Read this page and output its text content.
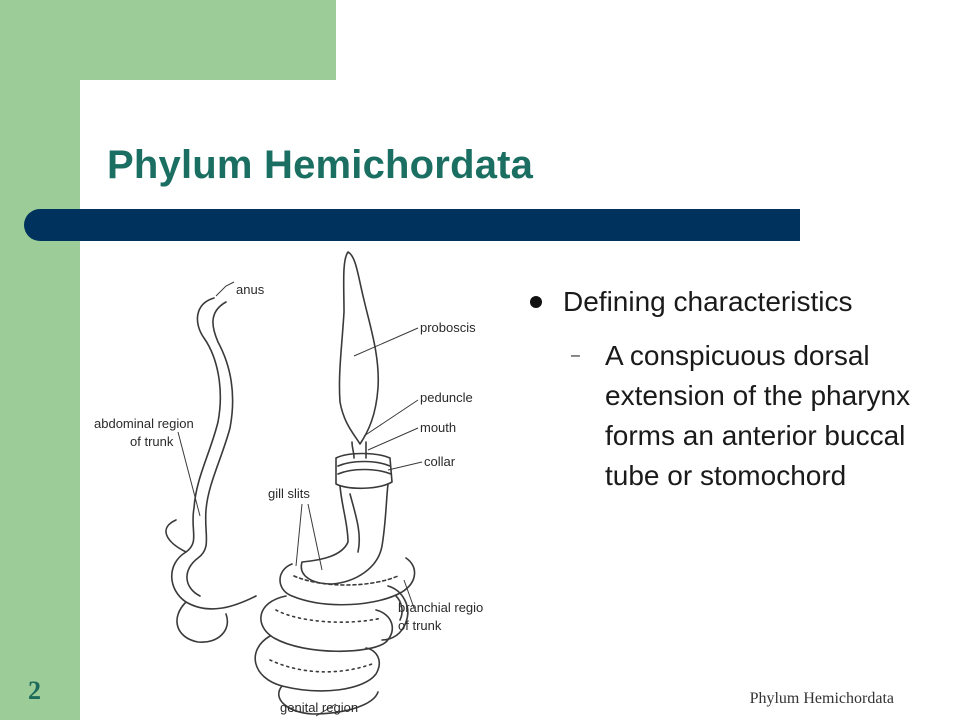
Phylum Hemichordata
anus
proboscis
peduncle
mouth
collar
abdominal region
of trunk
gill slits
branchial regio
of trunk
genital region
Defining characteristics
– A conspicuous dorsal extension of the pharynx forms an anterior buccal tube or stomochord
2	Phylum Hemichordata
